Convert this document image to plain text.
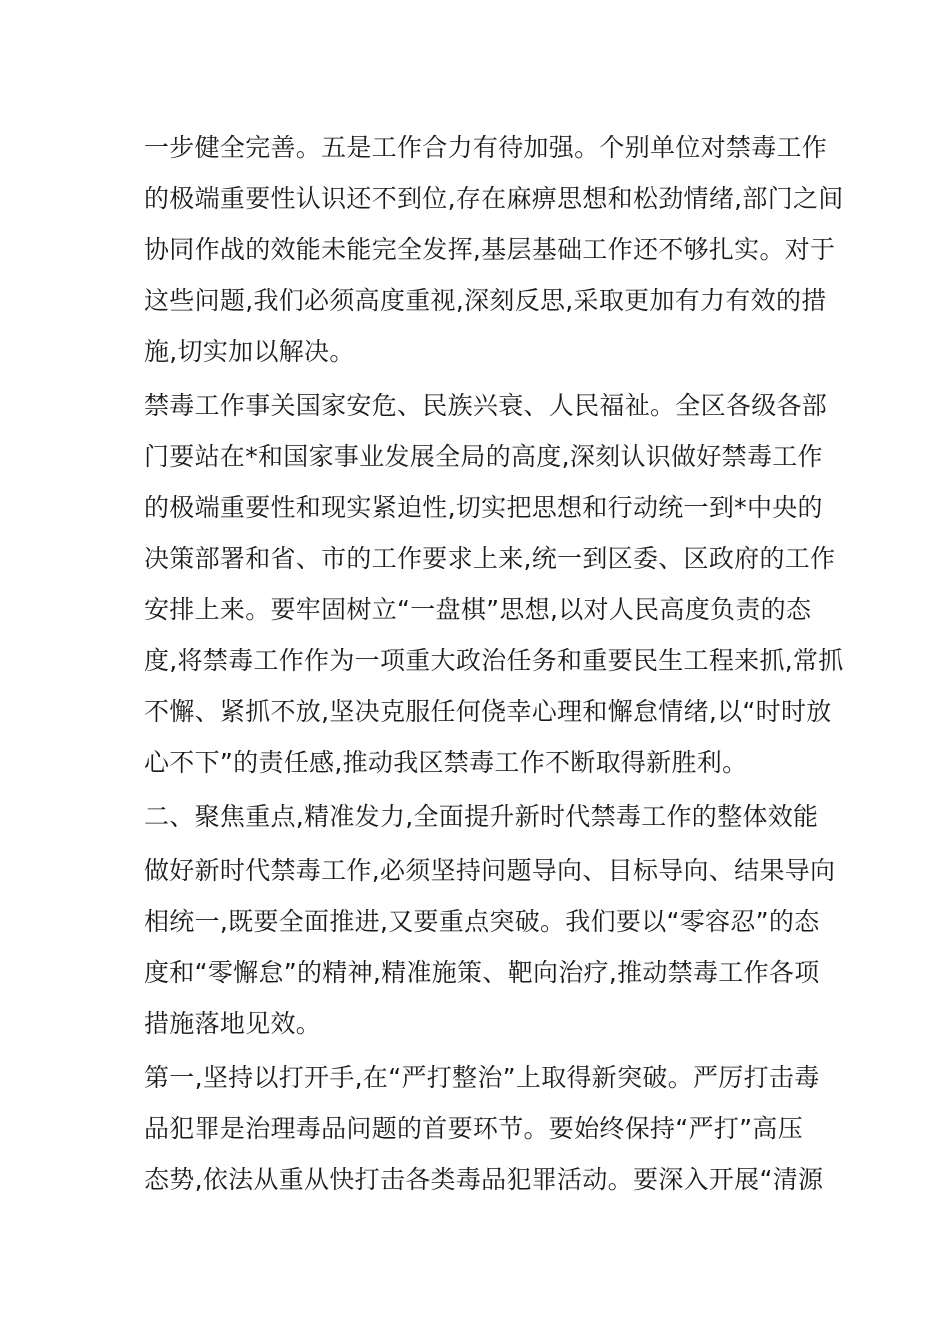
一步健全完善。五是工作合力有待加强。个别单位对禁毒工作
的极端重要性认识还不到位,存在麻痹思想和松劲情绪,部门之间
协同作战的效能未能完全发挥,基层基础工作还不够扎实。对于
这些问题,我们必须高度重视,深刻反思,采取更加有力有效的措
施,切实加以解决。
禁毒工作事关国家安危、民族兴衰、人民福祉。全区各级各部
门要站在*和国家事业发展全局的高度,深刻认识做好禁毒工作
的极端重要性和现实紧迫性,切实把思想和行动统一到*中央的
决策部署和省、市的工作要求上来,统一到区委、区政府的工作
安排上来。要牢固树立“一盘棋”思想,以对人民高度负责的态
度,将禁毒工作作为一项重大政治任务和重要民生工程来抓,常抓
不懈、紧抓不放,坚决克服任何侥幸心理和懈怠情绪,以“时时放
心不下”的责任感,推动我区禁毒工作不断取得新胜利。
二、聚焦重点,精准发力,全面提升新时代禁毒工作的整体效能
做好新时代禁毒工作,必须坚持问题导向、目标导向、结果导向
相统一,既要全面推进,又要重点突破。我们要以“零容忍”的态
度和“零懈怠”的精神,精准施策、靶向治疗,推动禁毒工作各项
措施落地见效。
第一,坚持以打开手,在“严打整治”上取得新突破。严厉打击毒
品犯罪是治理毒品问题的首要环节。要始终保持“严打”高压
态势,依法从重从快打击各类毒品犯罪活动。要深入开展“清源
